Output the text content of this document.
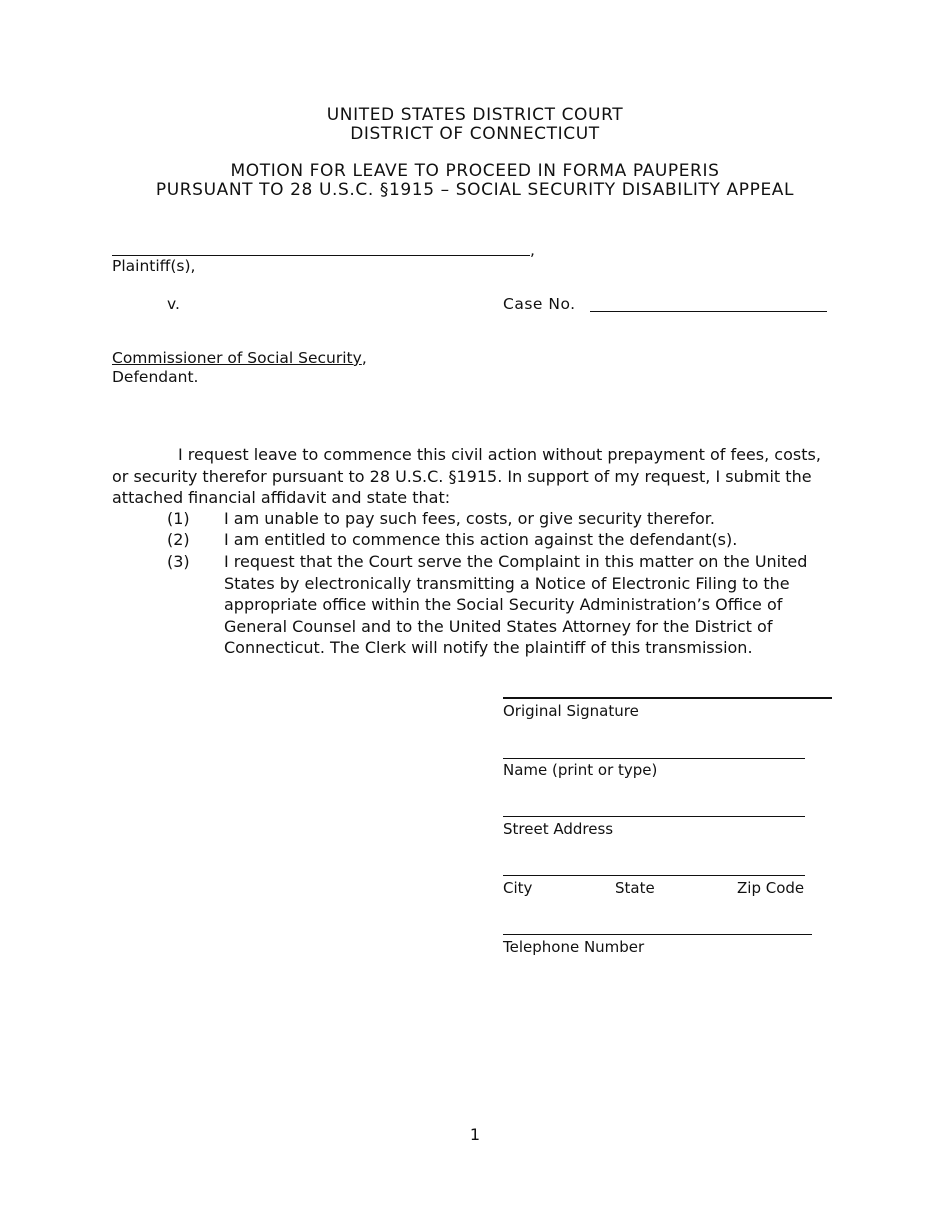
UNITED STATES DISTRICT COURT
DISTRICT OF CONNECTICUT
MOTION FOR LEAVE TO PROCEED IN FORMA PAUPERIS
PURSUANT TO 28 U.S.C. §1915 – SOCIAL SECURITY DISABILITY APPEAL
,
Plaintiff(s),
v.	Case No.
Commissioner of Social Security,
Defendant.
I request leave to commence this civil action without prepayment of fees, costs, or security therefor pursuant to 28 U.S.C. §1915. In support of my request, I submit the attached financial affidavit and state that:
(1) I am unable to pay such fees, costs, or give security therefor.
(2) I am entitled to commence this action against the defendant(s).
(3) I request that the Court serve the Complaint in this matter on the United States by electronically transmitting a Notice of Electronic Filing to the appropriate office within the Social Security Administration’s Office of General Counsel and to the United States Attorney for the District of Connecticut. The Clerk will notify the plaintiff of this transmission.
Original Signature
Name (print or type)
Street Address
City	State	Zip Code
Telephone Number
1
